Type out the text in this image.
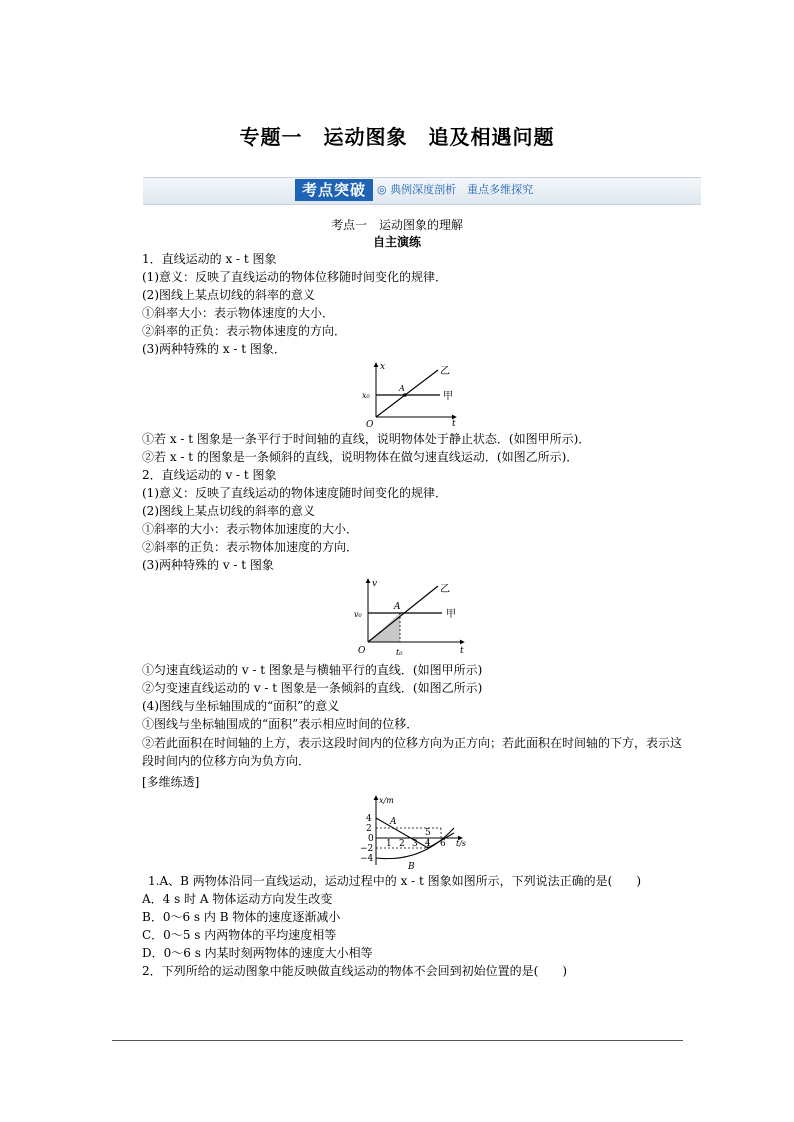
专题一　运动图象　追及相遇问题
考点突破	◎ 典例深度剖析　重点多维探究
考点一　运动图象的理解
自主演练
1．直线运动的 x - t 图象
(1)意义：反映了直线运动的物体位移随时间变化的规律．
(2)图线上某点切线的斜率的意义
①斜率大小：表示物体速度的大小．
②斜率的正负：表示物体速度的方向．
(3)两种特殊的 x - t 图象．
x
t
O
x₀
A
甲
乙
①若 x - t 图象是一条平行于时间轴的直线，说明物体处于静止状态．(如图甲所示)．
②若 x - t 的图象是一条倾斜的直线，说明物体在做匀速直线运动．(如图乙所示)．
2．直线运动的 v - t 图象
(1)意义：反映了直线运动的物体速度随时间变化的规律．
(2)图线上某点切线的斜率的意义
①斜率的大小：表示物体加速度的大小．
②斜率的正负：表示物体加速度的方向．
(3)两种特殊的 v - t 图象
v
t
O
v₀
t₀
A
甲
乙
①匀速直线运动的 v - t 图象是与横轴平行的直线．(如图甲所示)
②匀变速直线运动的 v - t 图象是一条倾斜的直线．(如图乙所示)
(4)图线与坐标轴围成的“面积”的意义
①图线与坐标轴围成的“面积”表示相应时间的位移．
②若此面积在时间轴的上方，表示这段时间内的位移方向为正方向；若此面积在时间轴的下方，表示这段时间内的位移方向为负方向．
[多维练透]
4
2
0
−2
−4
1 2 3 4
5
6
x/m
t/s
A
B
1.A、B 两物体沿同一直线运动，运动过程中的 x - t 图象如图所示，下列说法正确的是(　　)
A．4 s 时 A 物体运动方向发生改变
B．0～6 s 内 B 物体的速度逐渐减小
C．0～5 s 内两物体的平均速度相等
D．0～6 s 内某时刻两物体的速度大小相等
2．下列所给的运动图象中能反映做直线运动的物体不会回到初始位置的是(　　)
